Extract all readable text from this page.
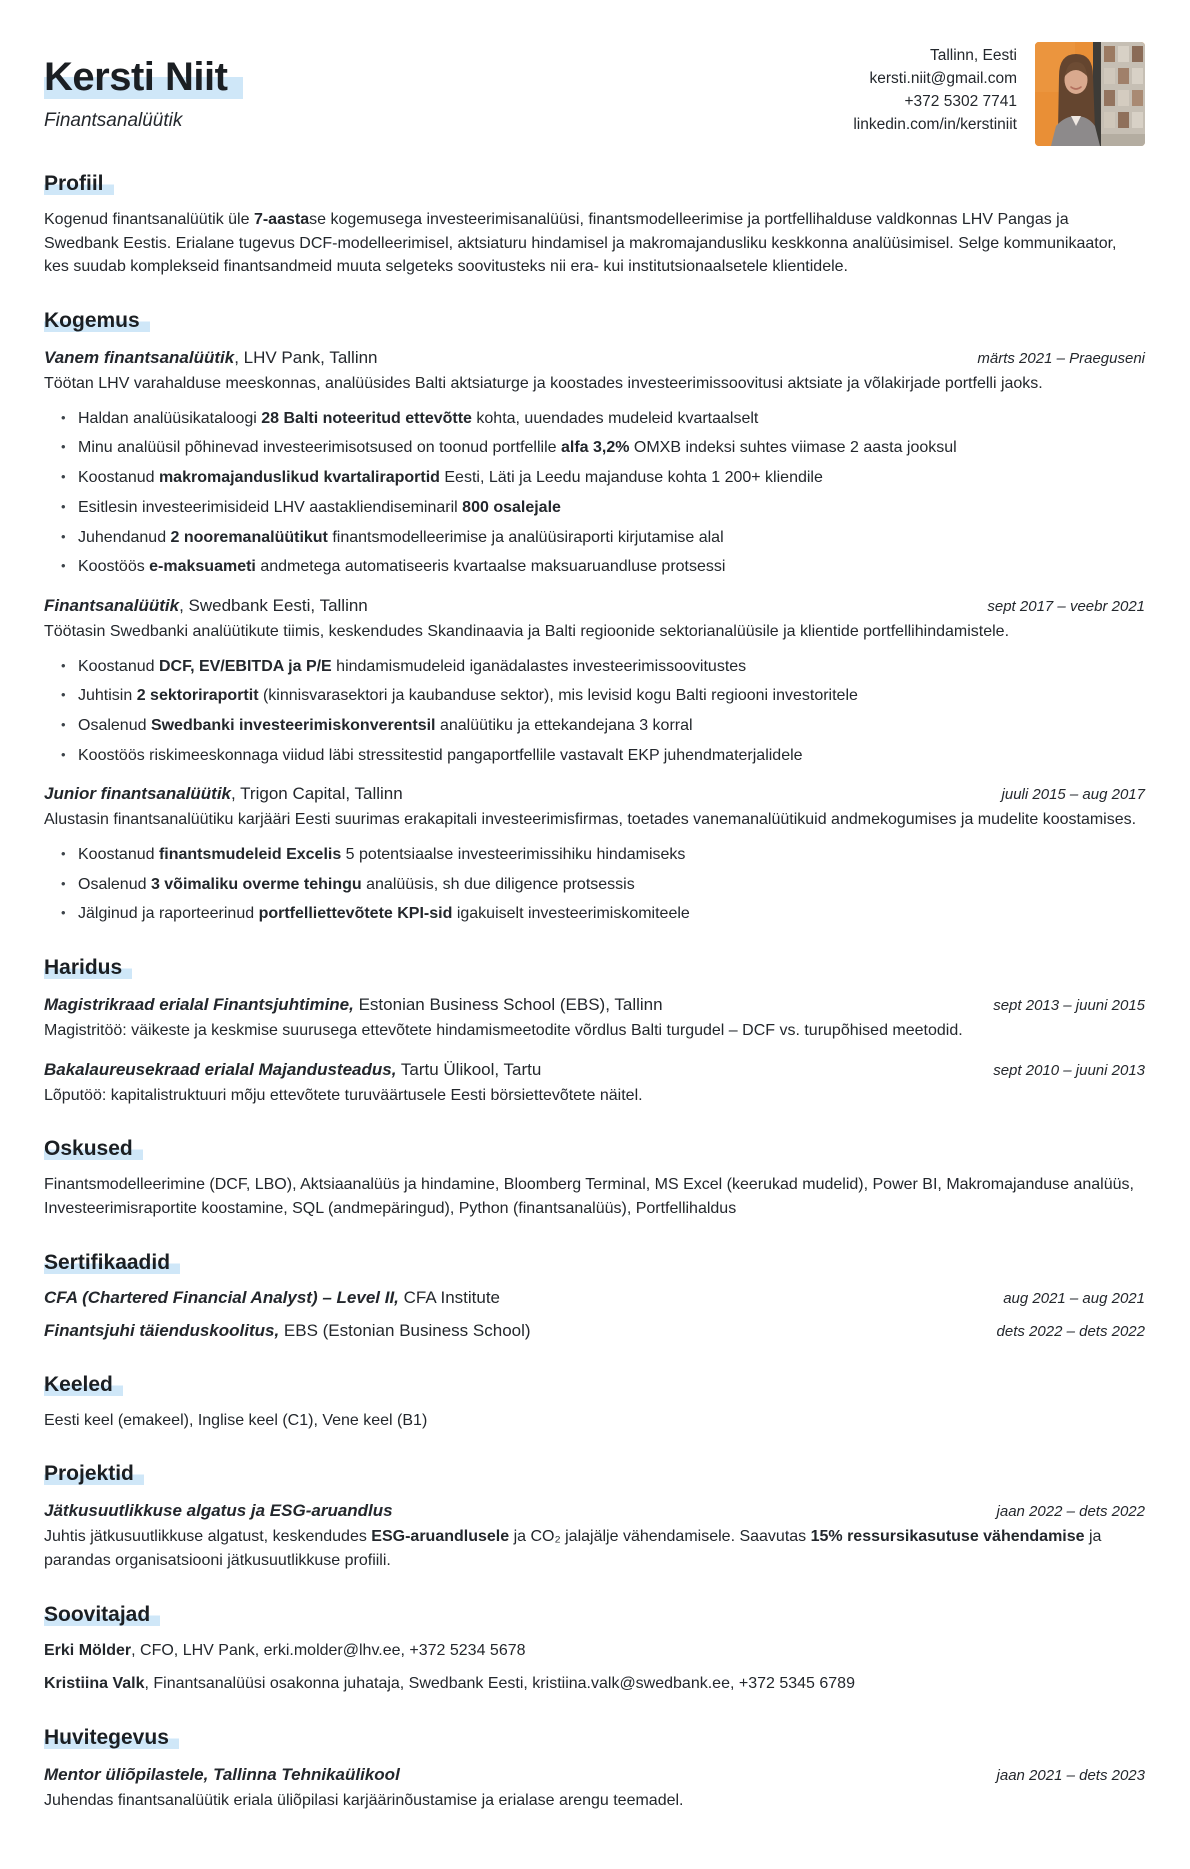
Kersti Niit
Finantsanalüütik
Tallinn, Eesti
kersti.niit@gmail.com
+372 5302 7741
linkedin.com/in/kerstiniit
Profiil

Kogenud finantsanalüütik üle 7-aastase kogemusega investeerimisanalüüsi, finantsmodelleerimise ja portfellihalduse valdkonnas LHV Pangas ja Swedbank Eestis. Erialane tugevus DCF-modelleerimisel, aktsiaturu hindamisel ja makromajandusliku keskkonna analüüsimisel. Selge kommunikaator, kes suudab komplekseid finantsandmeid muuta selgeteks soovitusteks nii era- kui institutsionaalsetele klientidele.

Kogemus
Vanem finantsanalüütik, LHV Pank, Tallinn	märts 2021 – Praeguseni

Töötan LHV varahalduse meeskonnas, analüüsides Balti aktsiaturge ja koostades investeerimissoovitusi aktsiate ja võlakirjade portfelli jaoks.

• Haldan analüüsikataloogi 28 Balti noteeritud ettevõtte kohta, uuendades mudeleid kvartaalselt
• Minu analüüsil põhinevad investeerimisotsused on toonud portfellile alfa 3,2% OMXB indeksi suhtes viimase 2 aasta jooksul
• Koostanud makromajanduslikud kvartaliraportid Eesti, Läti ja Leedu majanduse kohta 1 200+ kliendile
• Esitlesin investeerimisideid LHV aastakliendiseminaril 800 osalejale
• Juhendanud 2 nooremanalüütikut finantsmodelleerimise ja analüüsiraporti kirjutamise alal
• Koostöös e-maksuameti andmetega automatiseeris kvartaalse maksuaruandluse protsessi
Finantsanalüütik, Swedbank Eesti, Tallinn	sept 2017 – veebr 2021

Töötasin Swedbanki analüütikute tiimis, keskendudes Skandinaavia ja Balti regioonide sektorianalüüsile ja klientide portfellihindamistele.

• Koostanud DCF, EV/EBITDA ja P/E hindamismudeleid iganädalastes investeerimissoovitustes
• Juhtisin 2 sektoriraportit (kinnisvarasektori ja kaubanduse sektor), mis levisid kogu Balti regiooni investoritele
• Osalenud Swedbanki investeerimiskonverentsil analüütiku ja ettekandejana 3 korral
• Koostöös riskimeeskonnaga viidud läbi stressitestid pangaportfellile vastavalt EKP juhendmaterjalidele
Junior finantsanalüütik, Trigon Capital, Tallinn	juuli 2015 – aug 2017

Alustasin finantsanalüütiku karjääri Eesti suurimas erakapitali investeerimisfirmas, toetades vanemanalüütikuid andmekogumises ja mudelite koostamises.

• Koostanud finantsmudeleid Excelis 5 potentsiaalse investeerimissihiku hindamiseks
• Osalenud 3 võimaliku overme tehingu analüüsis, sh due diligence protsessis
• Jälginud ja raporteerinud portfelliettevõtete KPI-sid igakuiselt investeerimiskomiteele
Haridus
Magistrikraad erialal Finantsjuhtimine, Estonian Business School (EBS), Tallinn	sept 2013 – juuni 2015

Magistritöö: väikeste ja keskmise suurusega ettevõtete hindamismeetodite võrdlus Balti turgudel – DCF vs. turupõhised meetodid.

Bakalaureusekraad erialal Majandusteadus, Tartu Ülikool, Tartu	sept 2010 – juuni 2013

Lõputöö: kapitalistruktuuri mõju ettevõtete turuväärtusele Eesti börsiettevõtete näitel.

Oskused

Finantsmodelleerimine (DCF, LBO), Aktsiaanalüüs ja hindamine, Bloomberg Terminal, MS Excel (keerukad mudelid), Power BI, Makromajanduse analüüs, Investeerimisraportite koostamine, SQL (andmepäringud), Python (finantsanalüüs), Portfellihaldus

Sertifikaadid
CFA (Chartered Financial Analyst) – Level II, CFA Institute	aug 2021 – aug 2021
Finantsjuhi täienduskoolitus, EBS (Estonian Business School)	dets 2022 – dets 2022
Keeled

Eesti keel (emakeel), Inglise keel (C1), Vene keel (B1)

Projektid
Jätkusuutlikkuse algatus ja ESG-aruandlus	jaan 2022 – dets 2022

Juhtis jätkusuutlikkuse algatust, keskendudes ESG-aruandlusele ja CO₂ jalajälje vähendamisele. Saavutas 15% ressursikasutuse vähendamise ja parandas organisatsiooni jätkusuutlikkuse profiili.

Soovitajad

Erki Mölder, CFO, LHV Pank, erki.molder@lhv.ee, +372 5234 5678

Kristiina Valk, Finantsanalüüsi osakonna juhataja, Swedbank Eesti, kristiina.valk@swedbank.ee, +372 5345 6789

Huvitegevus
Mentor üliõpilastele, Tallinna Tehnikaülikool	jaan 2021 – dets 2023

Juhendas finantsanalüütik eriala üliõpilasi karjäärinõustamise ja erialase arengu teemadel.
